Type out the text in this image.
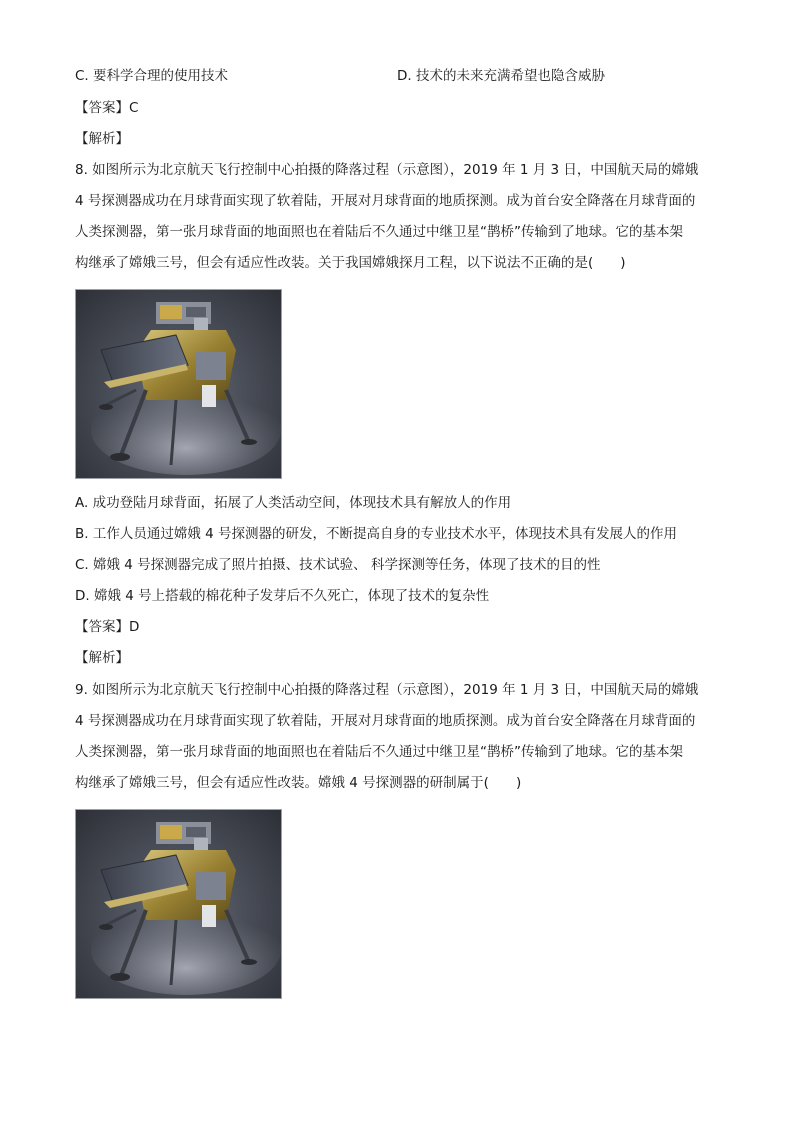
C. 要科学合理的使用技术	D. 技术的未来充满希望也隐含威胁
【答案】C
【解析】
8. 如图所示为北京航天飞行控制中心拍摄的降落过程（示意图），2019 年 1 月 3 日，中国航天局的嫦娥
4 号探测器成功在月球背面实现了软着陆，开展对月球背面的地质探测。成为首台安全降落在月球背面的
人类探测器，第一张月球背面的地面照也在着陆后不久通过中继卫星“鹊桥”传输到了地球。它的基本架
构继承了嫦娥三号，但会有适应性改装。关于我国嫦娥探月工程，以下说法不正确的是(　　)
A. 成功登陆月球背面，拓展了人类活动空间，体现技术具有解放人的作用
B. 工作人员通过嫦娥 4 号探测器的研发，不断提高自身的专业技术水平，体现技术具有发展人的作用
C. 嫦娥 4 号探测器完成了照片拍摄、技术试验、 科学探测等任务，体现了技术的目的性
D. 嫦娥 4 号上搭载的棉花种子发芽后不久死亡，体现了技术的复杂性
【答案】D
【解析】
9. 如图所示为北京航天飞行控制中心拍摄的降落过程（示意图），2019 年 1 月 3 日，中国航天局的嫦娥
4 号探测器成功在月球背面实现了软着陆，开展对月球背面的地质探测。成为首台安全降落在月球背面的
人类探测器，第一张月球背面的地面照也在着陆后不久通过中继卫星“鹊桥”传输到了地球。它的基本架
构继承了嫦娥三号，但会有适应性改装。嫦娥 4 号探测器的研制属于(　　)
